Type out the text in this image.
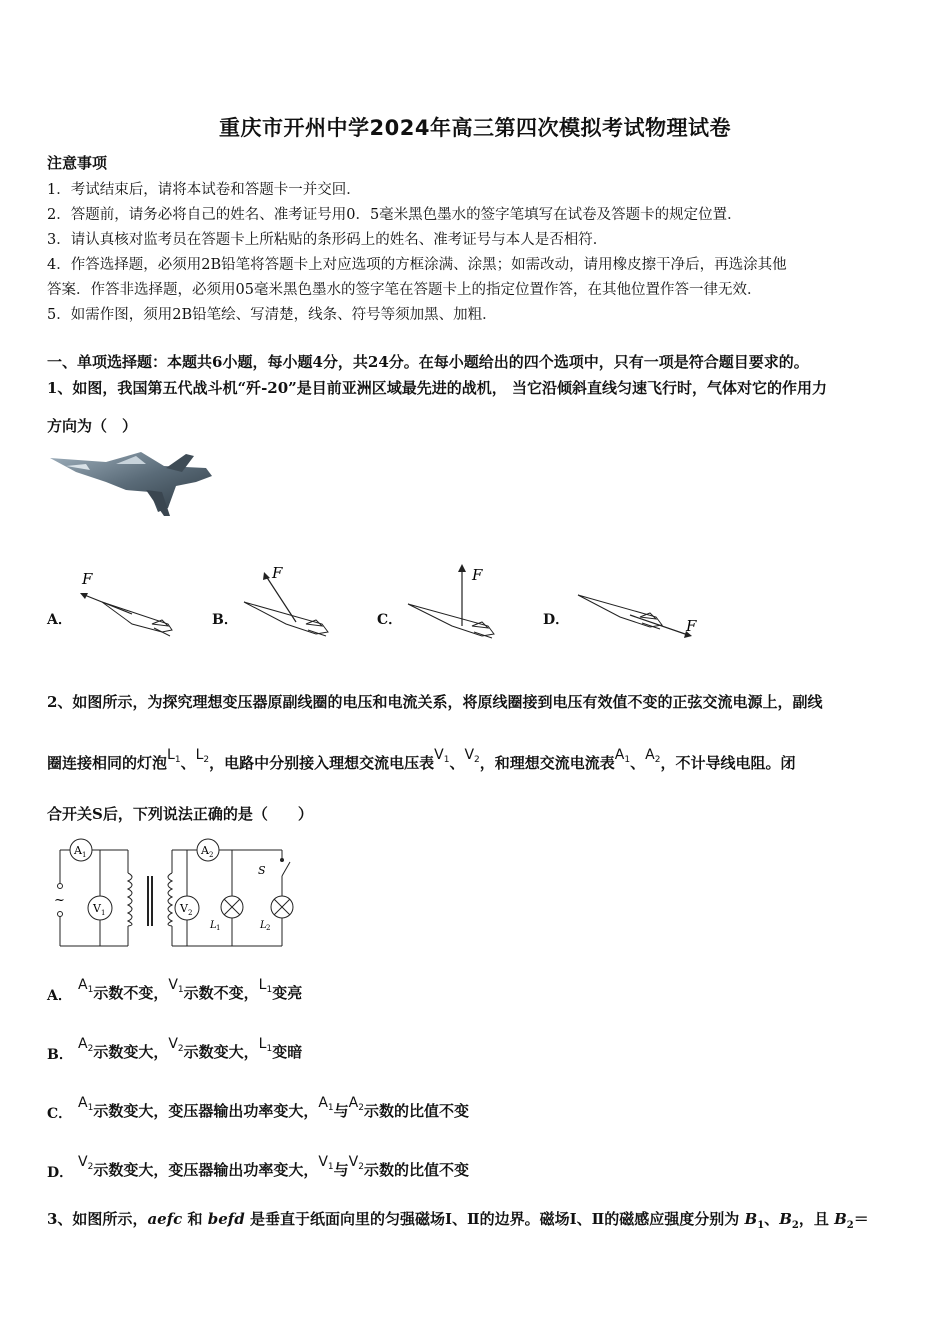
重庆市开州中学2024年高三第四次模拟考试物理试卷
注意事项
1．考试结束后，请将本试卷和答题卡一并交回．
2．答题前，请务必将自己的姓名、准考证号用0．5毫米黑色墨水的签字笔填写在试卷及答题卡的规定位置．
3．请认真核对监考员在答题卡上所粘贴的条形码上的姓名、准考证号与本人是否相符．
4．作答选择题，必须用2B铅笔将答题卡上对应选项的方框涂满、涂黑；如需改动，请用橡皮擦干净后，再选涂其他
答案．作答非选择题，必须用05毫米黑色墨水的签字笔在答题卡上的指定位置作答，在其他位置作答一律无效．
5．如需作图，须用2B铅笔绘、写清楚，线条、符号等须加黑、加粗．
一、单项选择题：本题共6小题，每小题4分，共24分。在每小题给出的四个选项中，只有一项是符合题目要求的。
1、如图，我国第五代战斗机“歼-20”是目前亚洲区域最先进的战机， 当它沿倾斜直线匀速飞行时，气体对它的作用力
方向为（　）
A．
F
B．
F
C．
F
D．	F
2、如图所示，为探究理想变压器原副线圈的电压和电流关系，将原线圈接到电压有效值不变的正弦交流电源上，副线
圈连接相同的灯泡$L_1$、$L_2$，电路中分别接入理想交流电压表$V_1$、$V_2$，和理想交流电流表$A_1$、$A_2$，不计导线电阻。闭
合开关S后，下列说法正确的是（　　）
~
A 1	A 2
V 1	V 2
L 1	L 2
S
A．
$A_1$示数不变，$V_1$示数不变，$L_1$变亮
B．
$A_2$示数变大，$V_2$示数变大，$L_1$变暗
C．
$A_1$示数变大，变压器输出功率变大，$A_1$与$A_2$示数的比值不变
D．
$V_2$示数变大，变压器输出功率变大，$V_1$与$V_2$示数的比值不变
3、如图所示，aefc 和 befd 是垂直于纸面向里的匀强磁场Ⅰ、Ⅱ的边界。磁场Ⅰ、Ⅱ的磁感应强度分别为 $B_1$、$B_2$，且 $B_2=$
